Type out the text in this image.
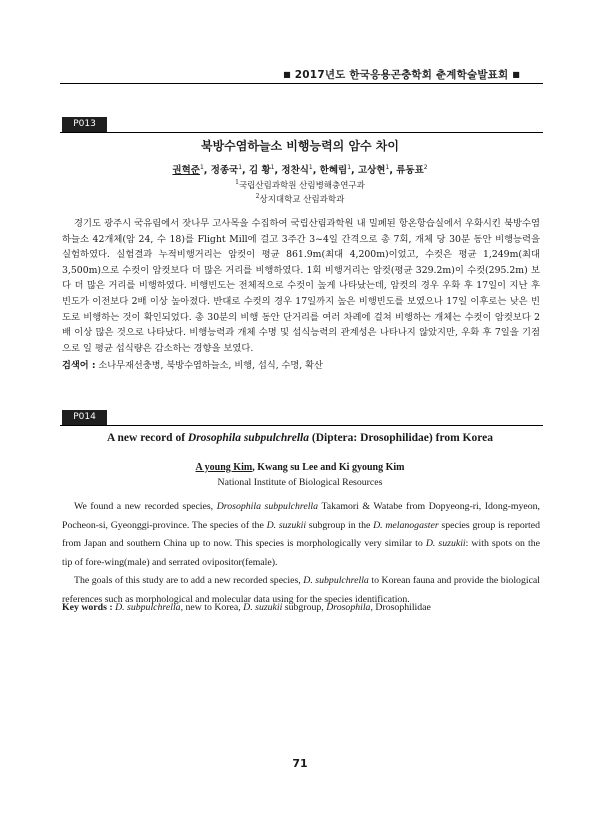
■ 2017년도 한국응용곤충학회 춘계학술발표회 ■
P013
북방수염하늘소 비행능력의 암수 차이
권혁준$^1$, 정종국$^1$, 김 황$^1$, 정찬식$^1$, 한혜림$^1$, 고상현$^1$, 류동표$^2$
$^1$국립산림과학원 산림병해충연구과
$^2$상지대학교 산림과학과
경기도 광주시 국유림에서 잣나무 고사목을 수집하여 국립산림과학원 내 밀폐된 항온항습실에서 우화시킨 북방수염하늘소 42개체(암 24, 수 18)를 Flight Mill에 걸고 3주간 3~4일 간격으로 총 7회, 개체 당 30분 동안 비행능력을 실험하였다. 실험결과 누적비행거리는 암컷이 평균 861.9m(최대 4,200m)이었고, 수컷은 평균 1,249m(최대 3,500m)으로 수컷이 암컷보다 더 많은 거리를 비행하였다. 1회 비행거리는 암컷(평균 329.2m)이 수컷(295.2m) 보다 더 많은 거리를 비행하였다. 비행빈도는 전체적으로 수컷이 높게 나타났는데, 암컷의 경우 우화 후 17일이 지난 후 빈도가 이전보다 2배 이상 높아졌다. 반대로 수컷의 경우 17일까지 높은 비행빈도를 보였으나 17일 이후로는 낮은 빈도로 비행하는 것이 확인되었다. 총 30분의 비행 동안 단거리를 여러 차례에 걸쳐 비행하는 개체는 수컷이 암컷보다 2배 이상 많은 것으로 나타났다. 비행능력과 개체 수명 및 섭식능력의 관계성은 나타나지 않았지만, 우화 후 7일을 기점으로 일 평균 섭식량은 감소하는 경향을 보였다.
검색어 : 소나무재선충병, 북방수염하늘소, 비행, 섭식, 수명, 확산
P014
A new record of Drosophila subpulchrella (Diptera: Drosophilidae) from Korea
A young Kim, Kwang su Lee and Ki gyoung Kim
National Institute of Biological Resources

We found a new recorded species, Drosophila subpulchrella Takamori & Watabe from Dopyeong-ri, Idong-myeon, Pocheon-si, Gyeonggi-province. The species of the D. suzukii subgroup in the D. melanogaster species group is reported from Japan and southern China up to now. This species is morphologically very similar to D. suzukii: with spots on the tip of fore-wing(male) and serrated ovipositor(female).

The goals of this study are to add a new recorded species, D. subpulchrella to Korean fauna and provide the biological references such as morphological and molecular data using for the species identification.

Key words : D. subpulchrella, new to Korea, D. suzukii subgroup, Drosophila, Drosophilidae
71
